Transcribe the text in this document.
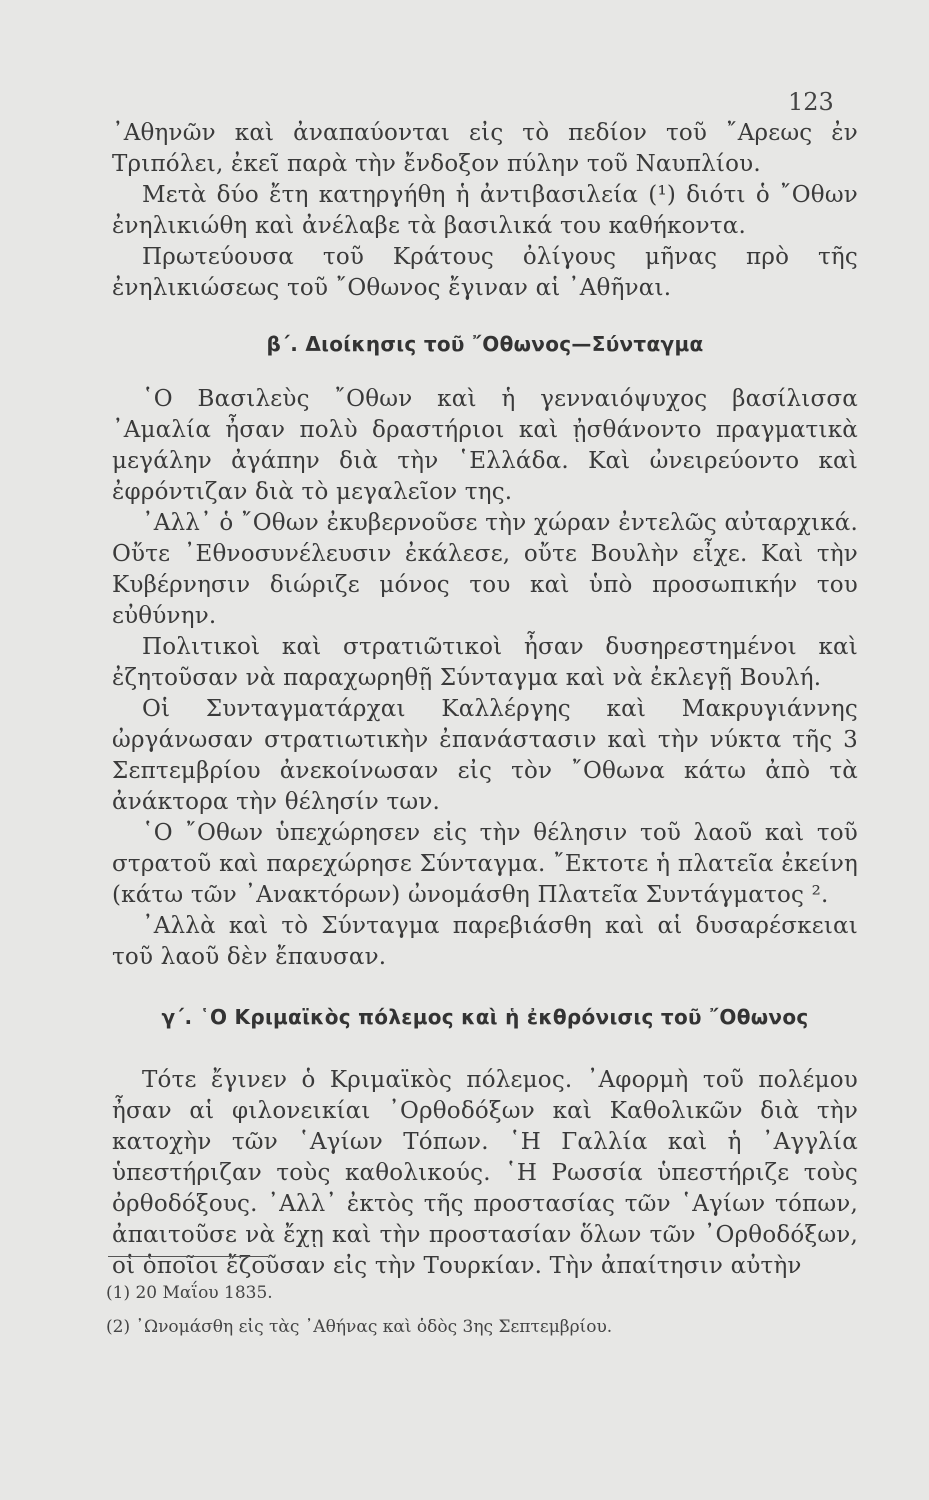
123

᾿Αθηνῶν καὶ ἀναπαύονται εἰς τὸ πεδίον τοῦ ῎Αρεως ἐν Τριπόλει, ἐκεῖ παρὰ τὴν ἔνδοξον πύλην τοῦ Ναυπλίου.

Μετὰ δύο ἔτη κατηργήθη ἡ ἀντιβασιλεία (¹) διότι ὁ ῎Οθων ἐνηλικιώθη καὶ ἀνέλαβε τὰ βασιλικά του καθήκοντα.

Πρωτεύουσα τοῦ Κράτους ὀλίγους μῆνας πρὸ τῆς ἐνηλικιώσεως τοῦ ῎Οθωνος ἔγιναν αἱ ᾿Αθῆναι.

β΄. Διοίκησις τοῦ ῎Οθωνος—Σύνταγμα

῾Ο Βασιλεὺς ῎Οθων καὶ ἡ γενναιόψυχος βασίλισσα ᾿Αμαλία ἦσαν πολὺ δραστήριοι καὶ ᾐσθάνοντο πραγματικὰ μεγάλην ἀγάπην διὰ τὴν ῾Ελλάδα. Καὶ ὠνειρεύοντο καὶ ἐφρόντιζαν διὰ τὸ μεγαλεῖον της.

᾿Αλλ᾿ ὁ ῎Οθων ἐκυβερνοῦσε τὴν χώραν ἐντελῶς αὐταρχικά. Οὔτε ᾿Εθνοσυνέλευσιν ἐκάλεσε, οὔτε Βουλὴν εἶχε. Καὶ τὴν Κυβέρνησιν διώριζε μόνος του καὶ ὑπὸ προσωπικήν του εὐθύνην.

Πολιτικοὶ καὶ στρατιῶτικοὶ ἦσαν δυσηρεστημένοι καὶ ἐζητοῦσαν νὰ παραχωρηθῇ Σύνταγμα καὶ νὰ ἐκλεγῇ Βουλή.

Οἱ Συνταγματάρχαι Καλλέργης καὶ Μακρυγιάννης ὠργάνωσαν στρατιωτικὴν ἐπανάστασιν καὶ τὴν νύκτα τῆς 3 Σεπτεμβρίου ἀνεκοίνωσαν εἰς τὸν ῎Οθωνα κάτω ἀπὸ τὰ ἀνάκτορα τὴν θέλησίν των.

῾Ο ῎Οθων ὑπεχώρησεν εἰς τὴν θέλησιν τοῦ λαοῦ καὶ τοῦ στρατοῦ καὶ παρεχώρησε Σύνταγμα. ῎Εκτοτε ἡ πλατεῖα ἐκείνη (κάτω τῶν ᾿Ανακτόρων) ὠνομάσθη Πλατεῖα Συντάγματος ².

᾿Αλλὰ καὶ τὸ Σύνταγμα παρεβιάσθη καὶ αἱ δυσαρέσκειαι τοῦ λαοῦ δὲν ἔπαυσαν.

γ΄. ῾Ο Κριμαϊκὸς πόλεμος καὶ ἡ ἐκθρόνισις τοῦ ῎Οθωνος

Τότε ἔγινεν ὁ Κριμαϊκὸς πόλεμος. ᾿Αφορμὴ τοῦ πολέμου ἦσαν αἱ φιλονεικίαι ᾿Ορθοδόξων καὶ Καθολικῶν διὰ τὴν κατοχὴν τῶν ῾Αγίων Τόπων. ῾Η Γαλλία καὶ ἡ ᾿Αγγλία ὑπεστήριζαν τοὺς καθολικούς. ῾Η Ρωσσία ὑπεστήριζε τοὺς ὀρθοδόξους. ᾿Αλλ᾿ ἐκτὸς τῆς προστασίας τῶν ῾Αγίων τόπων, ἀπαιτοῦσε νὰ ἔχῃ καὶ τὴν προστασίαν ὅλων τῶν ᾿Ορθοδόξων, οἱ ὁποῖοι ἔζοῦσαν εἰς τὴν Τουρκίαν. Τὴν ἀπαίτησιν αὐτὴν

(1) 20 Μαΐου 1835.

(2) ᾿Ωνομάσθη εἰς τὰς ᾿Αθήνας καὶ ὁδὸς 3ης Σεπτεμβρίου.
